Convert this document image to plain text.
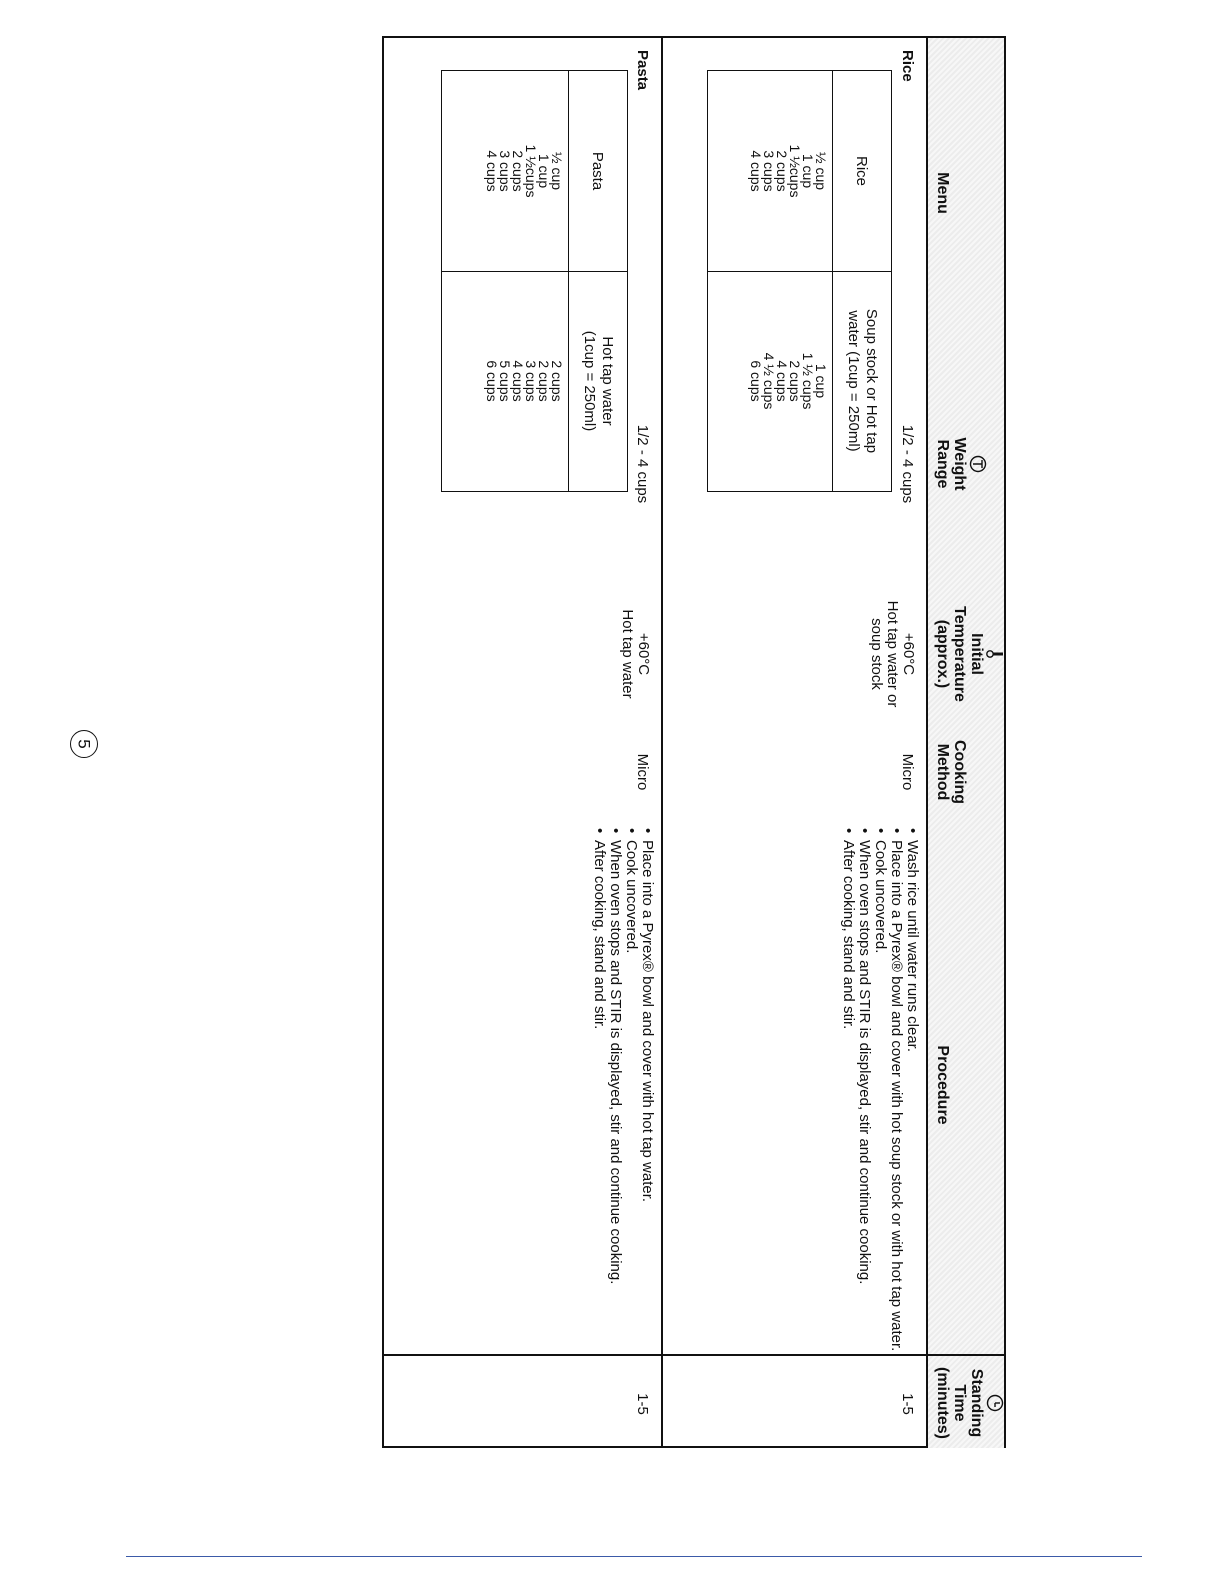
Menu
Weight
Range
Initial
Temperature
(approx.)
Cooking
Method
Procedure
Standing
Time
(minutes)
Rice
1/2 - 4 cups
+60°C
Hot tap water or
soup stock
Micro
• Wash rice until water runs clear.
• Place into a Pyrex® bowl and cover with hot soup stock or with hot tap water.
• Cook uncovered.
• When oven stops and STIR is displayed, stir and continue cooking.
• After cooking, stand and stir.
1-5
Rice
Soup stock or Hot tap
water (1cup = 250ml)
½ cup
1 cup
1 ½cups
2 cups
3 cups
4 cups
1 cup
1 ½ cups
2 cups
4 cups
4 ½ cups
6 cups
Pasta
1/2 - 4 cups
+60°C
Hot tap water
Micro
• Place into a Pyrex® bowl and cover with hot tap water.
• Cook uncovered.
• When oven stops and STIR is displayed, stir and continue cooking.
• After cooking, stand and stir.
1-5
Pasta
Hot tap water
(1cup = 250ml)
½ cup
1 cup
1 ½cups
2 cups
3 cups
4 cups
2 cups
2 cups
3 cups
4 cups
5 cups
6 cups
5
